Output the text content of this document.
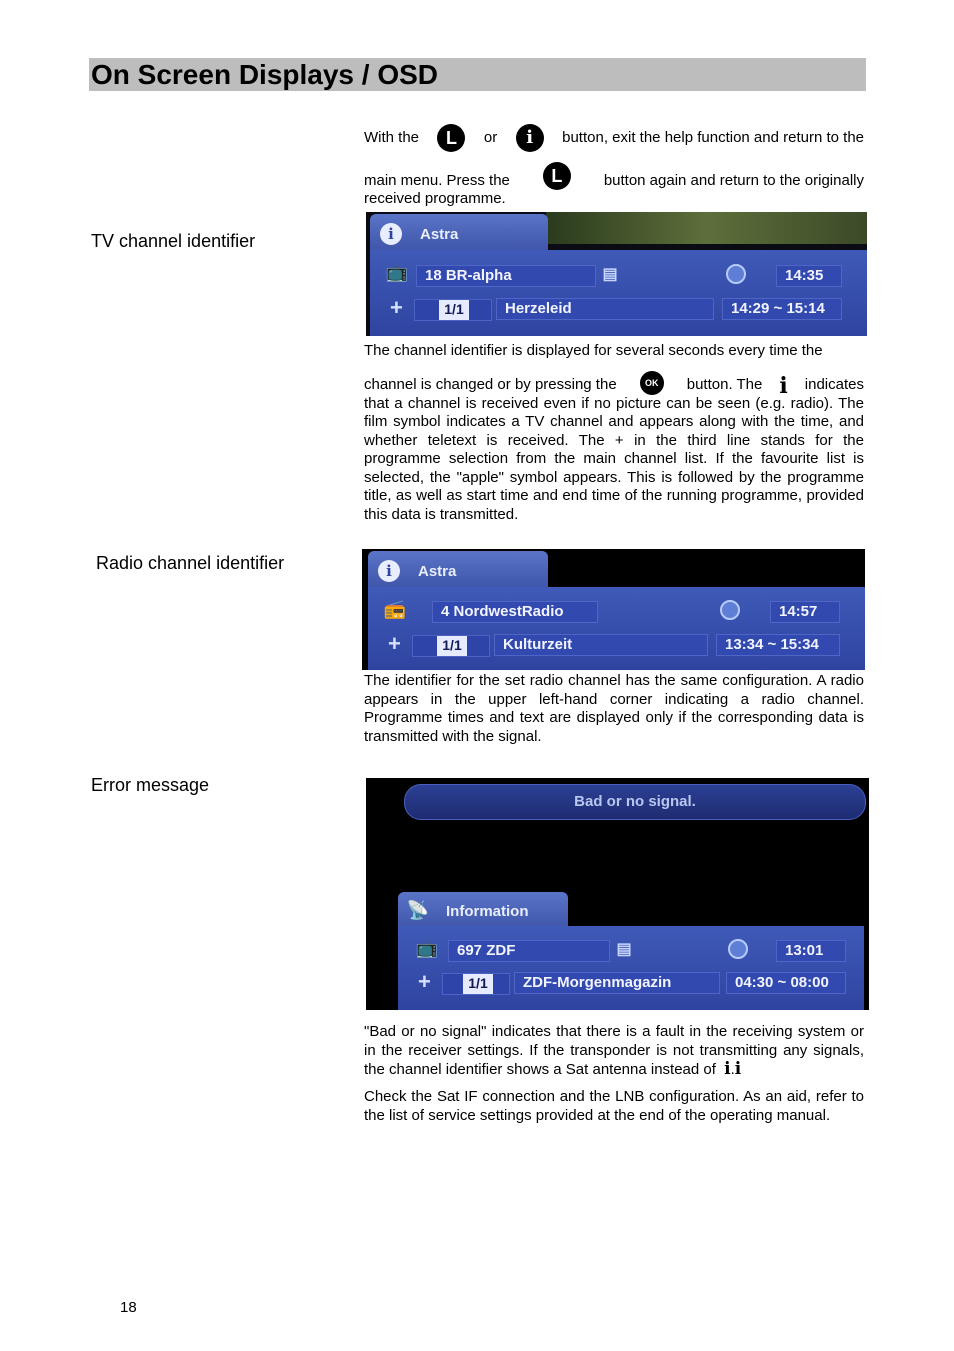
On Screen Displays / OSD
With the	L	or	i	button, exit the help function and return to the
main menu. Press the	L	button again and return to the originally
received programme.
TV channel identifier	i	Astra
📺	18 BR-alpha	▤	14:35
+	1/1	Herzeleid	14:29 ~ 15:14
The channel identifier is displayed for several seconds every time the
channel is changed or by pressing the	OK	button. The i indicates
that a channel is received even if no picture can be seen (e.g. radio). The film symbol indicates a TV channel and appears along with the time, and whether teletext is received. The + in the third line stands for the programme selection from the main channel list. If the favourite list is selected, the "apple" symbol appears. This is followed by the programme title, as well as start time and end time of the running programme, provided this data is transmitted.
Radio channel identifier	i	Astra
📻	4 NordwestRadio	14:57
+	1/1	Kulturzeit	13:34 ~ 15:34
The identifier for the set radio channel has the same configuration. A radio appears in the upper left-hand corner indicating a radio channel. Programme times and text are displayed only if the corresponding data is transmitted with the signal.
Error message
Bad or no signal.
📡 Information
📺	697 ZDF	▤	13:01
+	1/1	ZDF-Morgenmagazin	04:30 ~ 08:00
"Bad or no signal" indicates that there is a fault in the receiving system or in the receiver settings. If the transponder is not transmitting any signals, the channel identifier shows a Sat antenna instead of i.i
Check the Sat IF connection and the LNB configuration. As an aid, refer to the list of service settings provided at the end of the operating manual.
18
